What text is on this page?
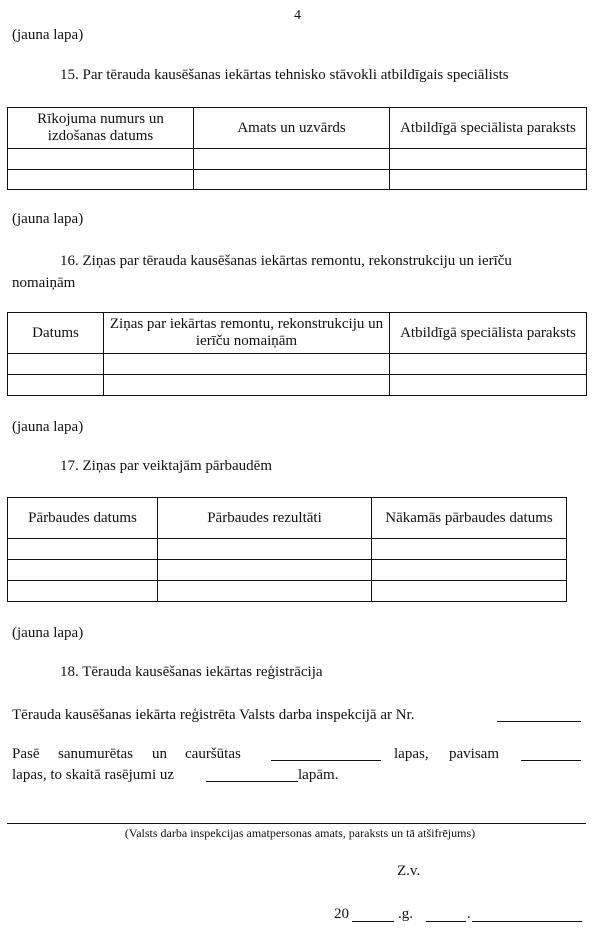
4
(jauna lapa)
15. Par tērauda kausēšanas iekārtas tehnisko stāvokli atbildīgais speciālists
Rīkojuma numurs un izdošanas datums	Amats un uzvārds	Atbildīgā speciālista paraksts

(jauna lapa)
16. Ziņas par tērauda kausēšanas iekārtas remontu, rekonstrukciju un ierīču
nomaiņām
Datums	Ziņas par iekārtas remontu, rekonstrukciju un ierīču nomaiņām	Atbildīgā speciālista paraksts

(jauna lapa)
17. Ziņas par veiktajām pārbaudēm
Pārbaudes datums	Pārbaudes rezultāti	Nākamās pārbaudes datums

(jauna lapa)
18. Tērauda kausēšanas iekārtas reģistrācija
Tērauda kausēšanas iekārta reģistrēta Valsts darba inspekcijā ar Nr.
Pasē sanumurētas un cauršūtas	lapas, pavisam
lapas, to skaitā rasējumi uz	lapām.
(Valsts darba inspekcijas amatpersonas amats, paraksts un tā atšifrējums)
Z.v.
20	.g.	.
